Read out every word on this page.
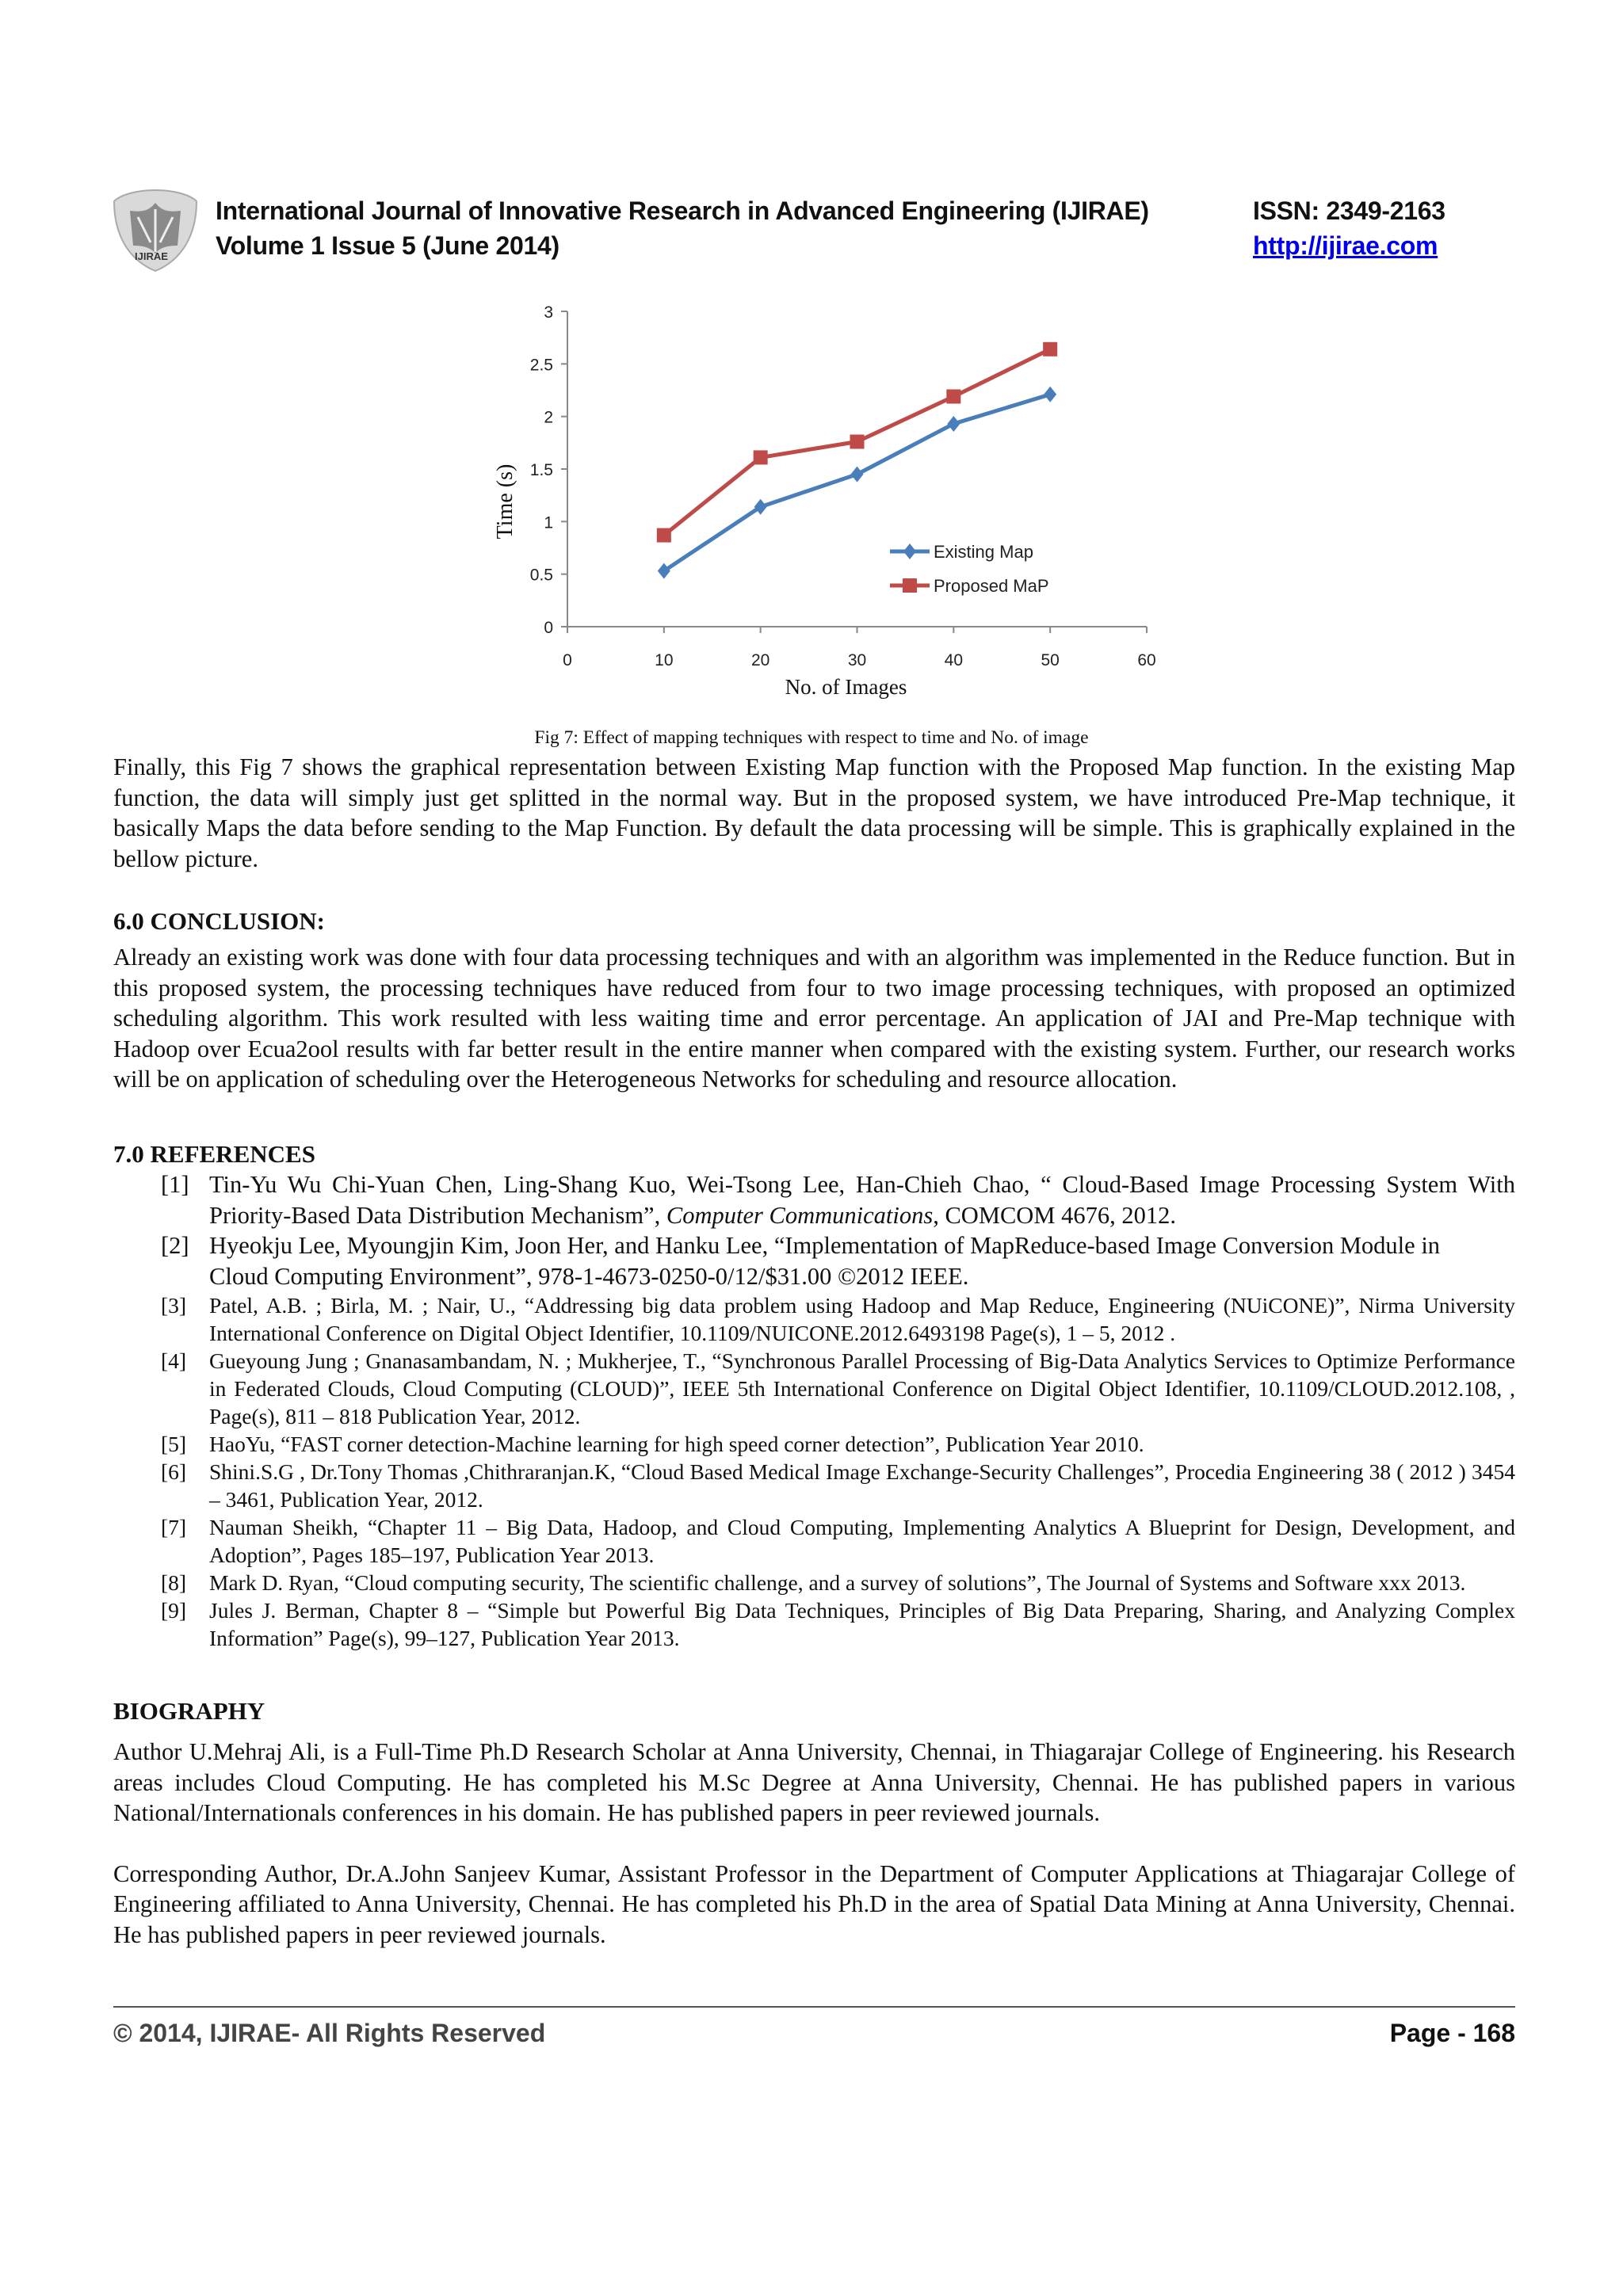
IJIRAE
International Journal of Innovative Research in Advanced Engineering (IJIRAE)
Volume 1 Issue 5 (June 2014)
ISSN: 2349-2163
http://ijirae.com
0
0.5
1
1.5
2
2.5
3
0	10	20	30	40	50	60
No. of Images
Time (s)
Existing Map
Proposed MaP
Fig 7: Effect of mapping techniques with respect to time and No. of image

Finally, this Fig 7 shows the graphical representation between Existing Map function with the Proposed Map function. In the existing Map function, the data will simply just get splitted in the normal way. But in the proposed system, we have introduced Pre-Map technique, it basically Maps the data before sending to the Map Function. By default the data processing will be simple. This is graphically explained in the bellow picture.

6.0 CONCLUSION:

Already an existing work was done with four data processing techniques and with an algorithm was implemented in the Reduce function. But in this proposed system, the processing techniques have reduced from four to two image processing techniques, with proposed an optimized scheduling algorithm. This work resulted with less waiting time and error percentage. An application of JAI and Pre-Map technique with Hadoop over Ecua2ool results with far better result in the entire manner when compared with the existing system. Further, our research works will be on application of scheduling over the Heterogeneous Networks for scheduling and resource allocation.

7.0 REFERENCES
[1] Tin-Yu Wu Chi-Yuan Chen, Ling-Shang Kuo, Wei-Tsong Lee, Han-Chieh Chao, “ Cloud-Based Image Processing System With Priority-Based Data Distribution Mechanism”, Computer Communications, COMCOM 4676, 2012.
[2] Hyeokju Lee, Myoungjin Kim, Joon Her, and Hanku Lee, “Implementation of MapReduce-based Image Conversion Module in Cloud Computing Environment”, 978-1-4673-0250-0/12/$31.00 ©2012 IEEE.
[3]	Patel, A.B. ; Birla, M. ; Nair, U., “Addressing big data problem using Hadoop and Map Reduce, Engineering (NUiCONE)”, Nirma University International Conference on Digital Object Identifier, 10.1109/NUICONE.2012.6493198 Page(s), 1 – 5, 2012 .
[4]	Gueyoung Jung ; Gnanasambandam, N. ; Mukherjee, T., “Synchronous Parallel Processing of Big-Data Analytics Services to Optimize Performance in Federated Clouds, Cloud Computing (CLOUD)”, IEEE 5th International Conference on Digital Object Identifier, 10.1109/CLOUD.2012.108, , Page(s), 811 – 818 Publication Year, 2012.
[5]	HaoYu, “FAST corner detection-Machine learning for high speed corner detection”, Publication Year 2010.
[6]	Shini.S.G , Dr.Tony Thomas ,Chithraranjan.K, “Cloud Based Medical Image Exchange-Security Challenges”, Procedia Engineering 38 ( 2012 ) 3454 – 3461, Publication Year, 2012.
[7]	Nauman Sheikh, “Chapter 11 – Big Data, Hadoop, and Cloud Computing, Implementing Analytics A Blueprint for Design, Development, and Adoption”, Pages 185–197, Publication Year 2013.
[8]	Mark D. Ryan, “Cloud computing security, The scientific challenge, and a survey of solutions”, The Journal of Systems and Software xxx 2013.
[9]	Jules J. Berman, Chapter 8 – “Simple but Powerful Big Data Techniques, Principles of Big Data Preparing, Sharing, and Analyzing Complex Information” Page(s), 99–127, Publication Year 2013.
BIOGRAPHY

Author U.Mehraj Ali, is a Full-Time Ph.D Research Scholar at Anna University, Chennai, in Thiagarajar College of Engineering. his Research areas includes Cloud Computing. He has completed his M.Sc Degree at Anna University, Chennai. He has published papers in various National/Internationals conferences in his domain. He has published papers in peer reviewed journals.

Corresponding Author, Dr.A.John Sanjeev Kumar, Assistant Professor in the Department of Computer Applications at Thiagarajar College of Engineering affiliated to Anna University, Chennai. He has completed his Ph.D in the area of Spatial Data Mining at Anna University, Chennai. He has published papers in peer reviewed journals.

© 2014, IJIRAE- All Rights Reserved	Page - 168
